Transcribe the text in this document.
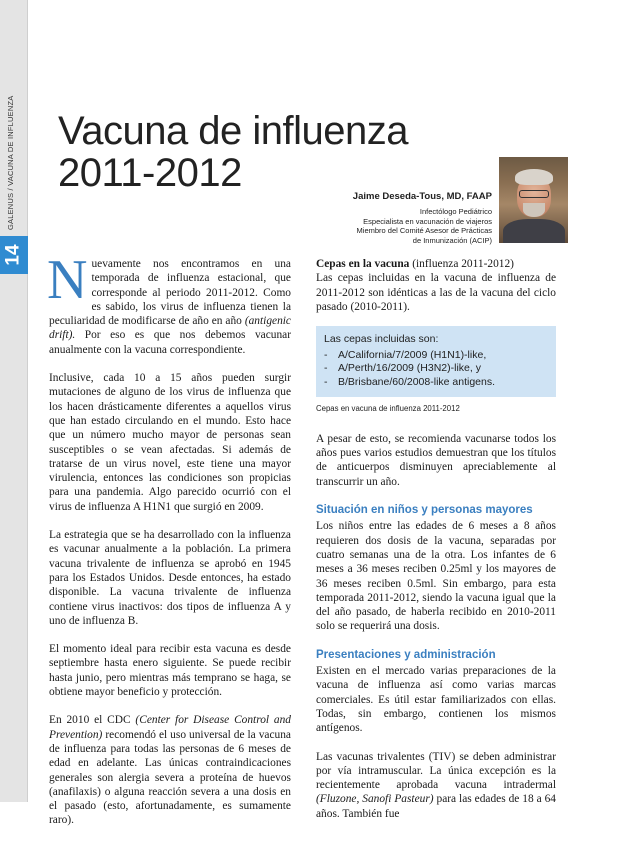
GALENUS / VACUNA DE INFLUENZA
14
Vacuna de influenza
2011-2012
Jaime Deseda-Tous, MD, FAAP
Infectólogo Pediátrico
Especialista en vacunación de viajeros
Miembro del Comité Asesor de Prácticas
de Inmunización (ACIP)

Nuevamente nos encontramos en una temporada de influenza estacional, que corresponde al periodo 2011-2012. Como es sabido, los virus de influenza tienen la peculiaridad de modificarse de año en año (antigenic drift). Por eso es que nos debemos vacunar anualmente con la vacuna correspondiente.

Inclusive, cada 10 a 15 años pueden surgir mutaciones de alguno de los virus de influenza que los hacen drásticamente diferentes a aquellos virus que han estado circulando en el mundo. Esto hace que un número mucho mayor de personas sean susceptibles o se vean afectadas. Si además de tratarse de un virus novel, este tiene una mayor virulencia, entonces las condiciones son propicias para una pandemia. Algo parecido ocurrió con el virus de influenza A H1N1 que surgió en 2009.

La estrategia que se ha desarrollado con la influenza es vacunar anualmente a la población. La primera vacuna trivalente de influenza se aprobó en 1945 para los Estados Unidos. Desde entonces, ha estado disponible. La vacuna trivalente de influenza contiene virus inactivos: dos tipos de influenza A y uno de influenza B.

El momento ideal para recibir esta vacuna es desde septiembre hasta enero siguiente. Se puede recibir hasta junio, pero mientras más temprano se haga, se obtiene mayor beneficio y protección.

En 2010 el CDC (Center for Disease Control and Prevention) recomendó el uso universal de la vacuna de influenza para todas las personas de 6 meses de edad en adelante. Las únicas contraindicaciones generales son alergia severa a proteína de huevos (anafilaxis) o alguna reacción severa a una dosis en el pasado (esto, afortunadamente, es sumamente raro).

Cepas en la vacuna (influenza 2011-2012)
Las cepas incluidas en la vacuna de influenza de 2011-2012 son idénticas a las de la vacuna del ciclo pasado (2010-2011).

Las cepas incluidas son:
- A/California/7/2009 (H1N1)-like,
- A/Perth/16/2009 (H3N2)-like, y
- B/Brisbane/60/2008-like antigens.
Cepas en vacuna de influenza 2011-2012

A pesar de esto, se recomienda vacunarse todos los años pues varios estudios demuestran que los títulos de anticuerpos disminuyen apreciablemente al transcurrir un año.

Situación en niños y personas mayores

Los niños entre las edades de 6 meses a 8 años requieren dos dosis de la vacuna, separadas por cuatro semanas una de la otra. Los infantes de 6 meses a 36 meses reciben 0.25ml y los mayores de 36 meses reciben 0.5ml. Sin embargo, para esta temporada 2011-2012, siendo la vacuna igual que la del año pasado, de haberla recibido en 2010-2011 solo se requerirá una dosis.

Presentaciones y administración

Existen en el mercado varias preparaciones de la vacuna de influenza así como varias marcas comerciales. Es útil estar familiarizados con ellas. Todas, sin embargo, contienen los mismos antígenos.

Las vacunas trivalentes (TIV) se deben administrar por vía intramuscular. La única excepción es la recientemente aprobada vacuna intradermal (Fluzone, Sanofi Pasteur) para las edades de 18 a 64 años. También fue
